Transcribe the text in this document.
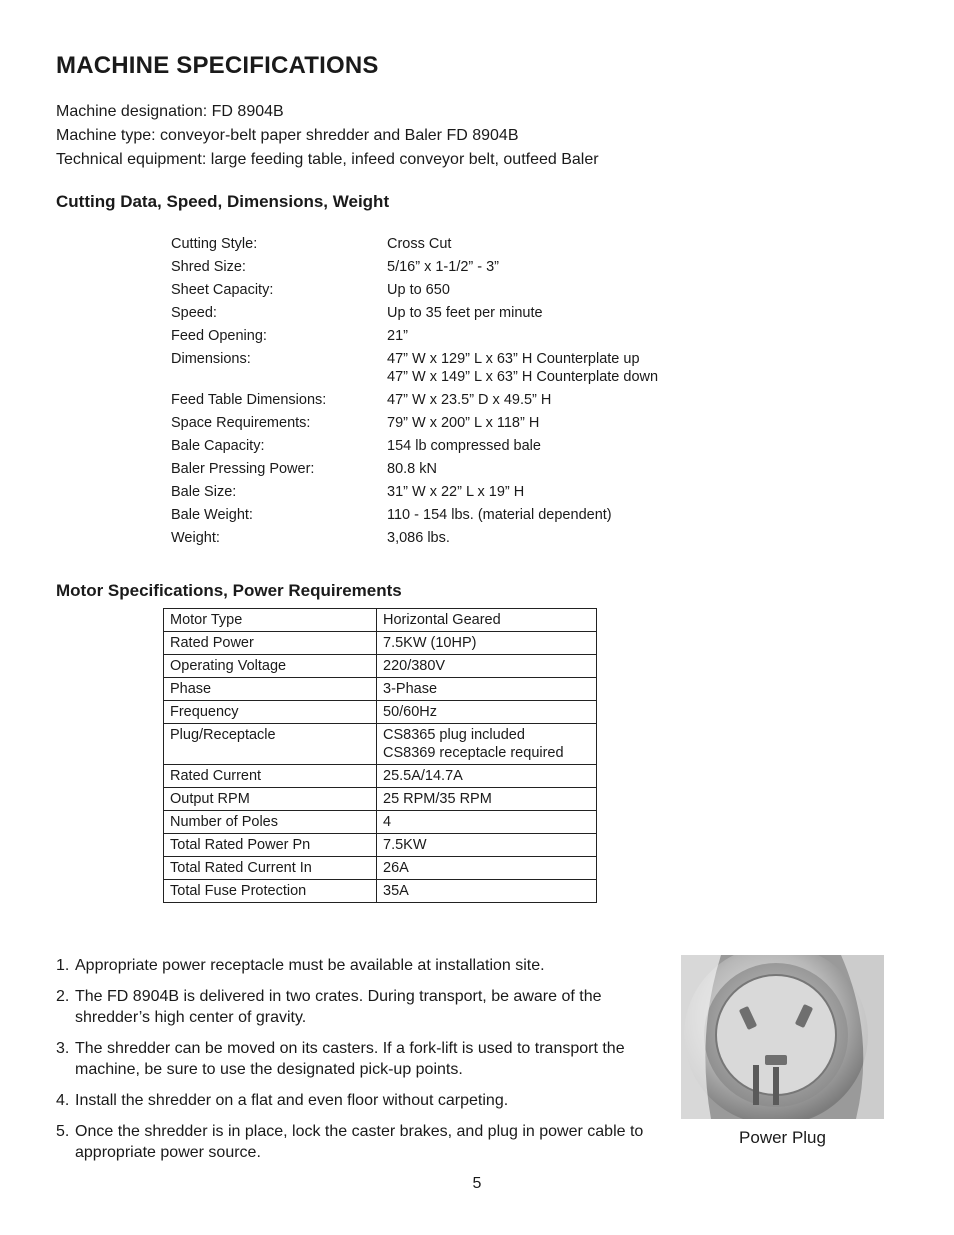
MACHINE SPECIFICATIONS
Machine designation: FD 8904B
Machine type: conveyor-belt paper shredder and Baler FD 8904B
Technical equipment: large feeding table, infeed conveyor belt, outfeed Baler
Cutting Data, Speed, Dimensions, Weight
Cutting Style:	Cross Cut
Shred Size:	5/16” x 1-1/2” - 3”
Sheet Capacity:	Up to 650
Speed:	Up to 35 feet per minute
Feed Opening:	21”
Dimensions:	47” W x 129” L x 63” H Counterplate up
47” W x 149” L x 63” H Counterplate down
Feed Table Dimensions:	47” W x 23.5” D x 49.5” H
Space Requirements:	79” W x 200” L x 118” H
Bale Capacity:	154 lb compressed bale
Baler Pressing Power:	80.8 kN
Bale Size:	31” W x 22” L x 19” H
Bale Weight:	110 - 154 lbs. (material dependent)
Weight:	3,086 lbs.
Motor Specifications, Power Requirements
Motor Type	Horizontal Geared
Rated Power	7.5KW (10HP)
Operating Voltage	220/380V
Phase	3-Phase
Frequency	50/60Hz
Plug/Receptacle	CS8365 plug included
CS8369 receptacle required
Rated Current	25.5A/14.7A
Output RPM	25 RPM/35 RPM
Number of Poles	4
Total Rated Power Pn	7.5KW
Total Rated Current In	26A
Total Fuse Protection	35A
1. Appropriate power receptacle must be available at installation site.
2. The FD 8904B is delivered in two crates. During transport, be aware of the shredder’s high center of gravity.
3. The shredder can be moved on its casters. If a fork-lift is used to transport the machine, be sure to use the designated pick-up points.
4. Install the shredder on a flat and even floor without carpeting.
5. Once the shredder is in place, lock the caster brakes, and plug in power cable to appropriate power source.
Power Plug
5
